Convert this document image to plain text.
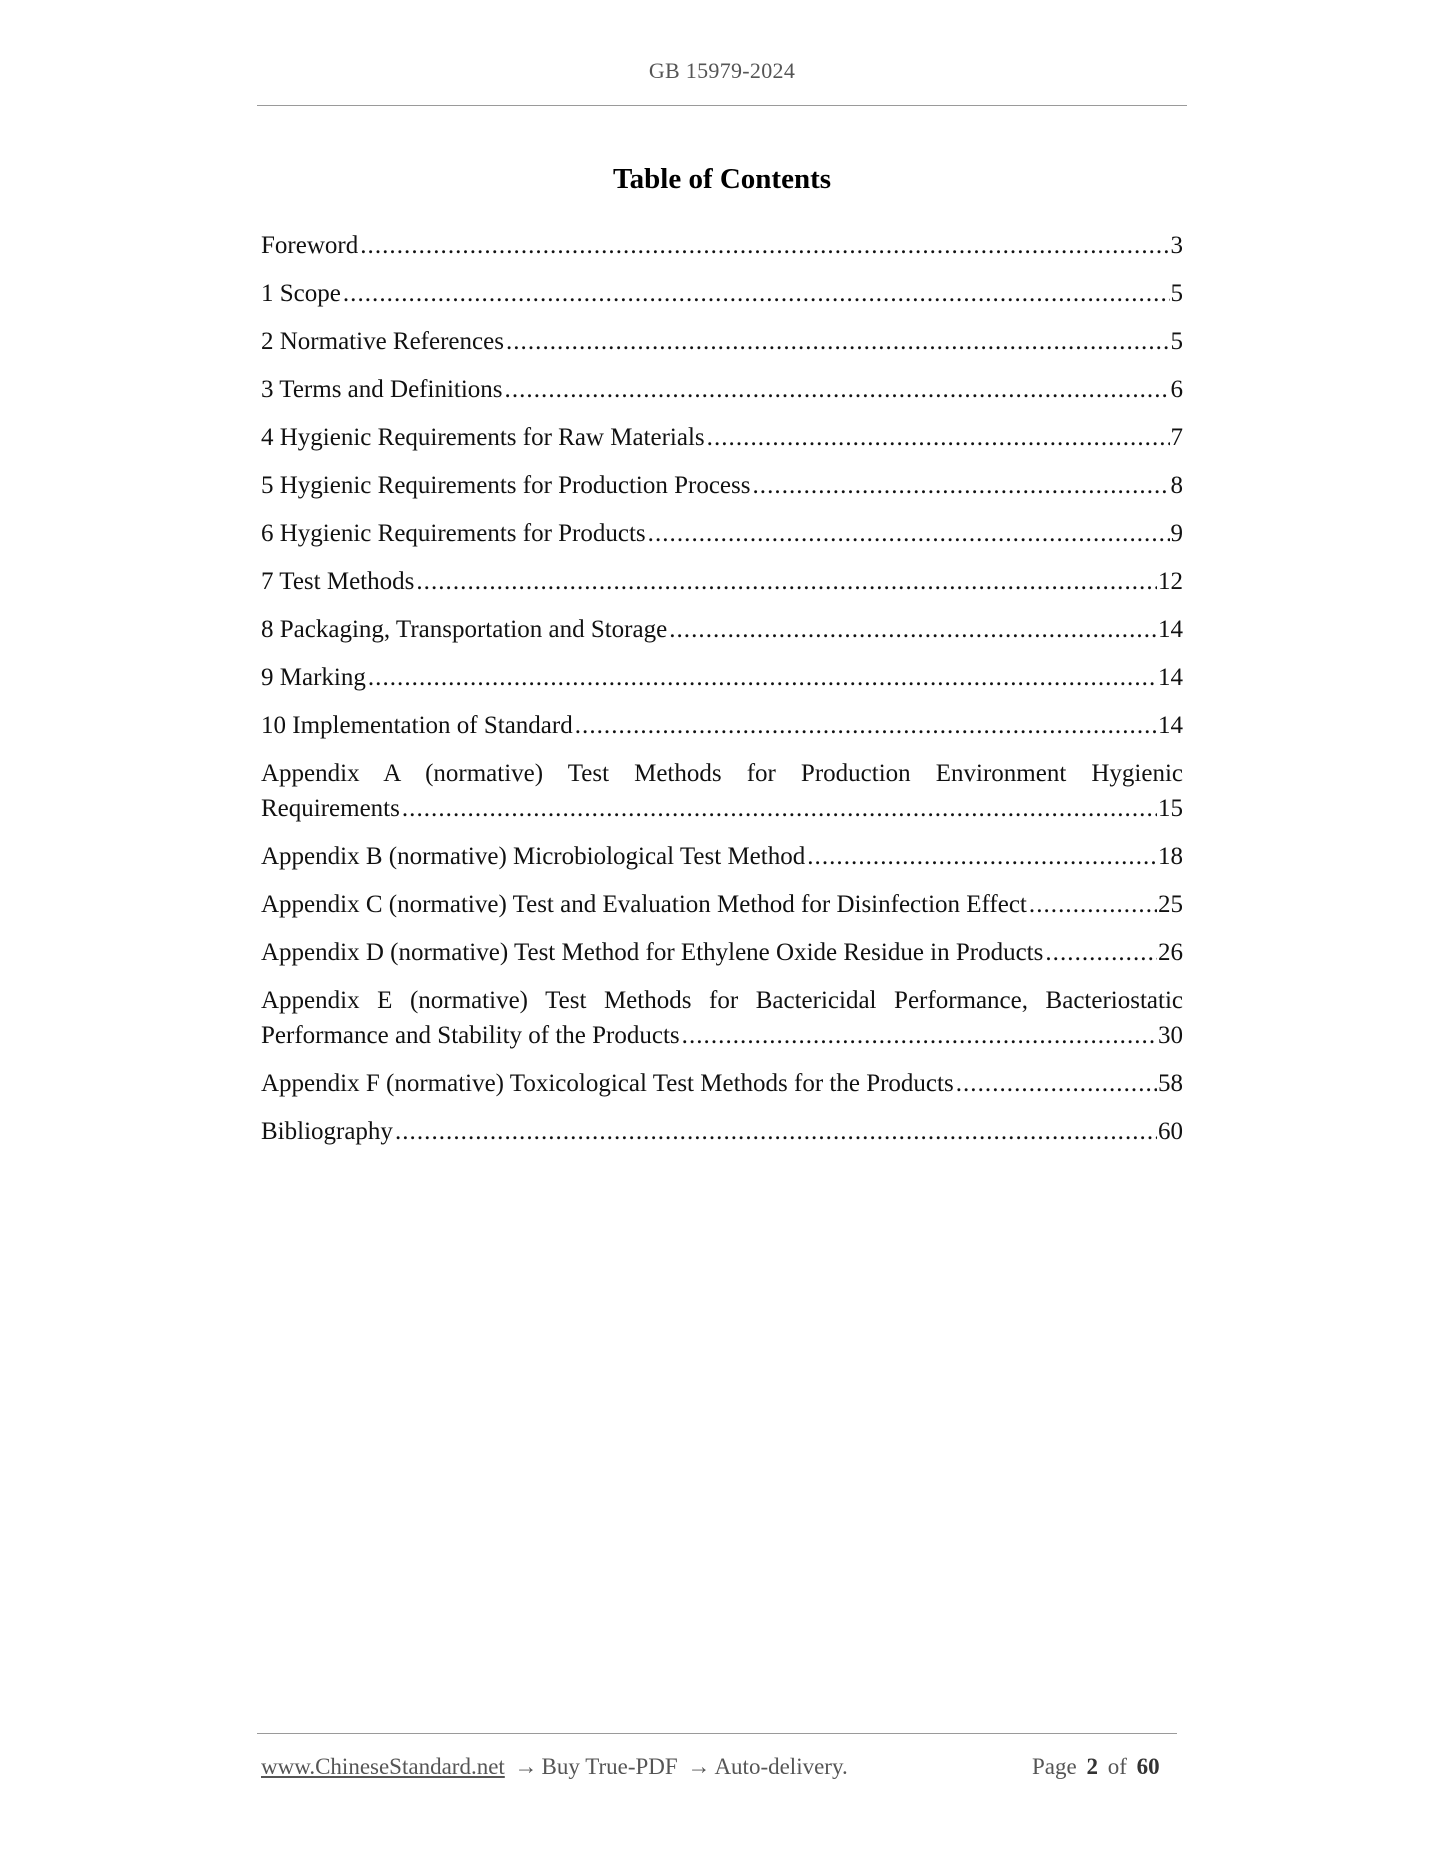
GB 15979-2024
Table of Contents
Foreword . . .	3
1 Scope . . .	5
2 Normative References . . .	5
3 Terms and Definitions . . .	6
4 Hygienic Requirements for Raw Materials . . .	7
5 Hygienic Requirements for Production Process . . .	8
6 Hygienic Requirements for Products . . .	9
7 Test Methods . . .	12
8 Packaging, Transportation and Storage . . .	14
9 Marking . . .	14
10 Implementation of Standard . . .	14
Appendix A (normative) Test Methods for Production Environment Hygienic
Requirements . . .	15
Appendix B (normative) Microbiological Test Method . . .	18
Appendix C (normative) Test and Evaluation Method for Disinfection Effect . . .	25
Appendix D (normative) Test Method for Ethylene Oxide Residue in Products . . .	26
Appendix E (normative) Test Methods for Bactericidal Performance, Bacteriostatic
Performance and Stability of the Products . . .	30
Appendix F (normative) Toxicological Test Methods for the Products . . .	58
Bibliography . . .	60
www.ChineseStandard.net → Buy True-PDF → Auto-delivery.	Page 2 of 60
